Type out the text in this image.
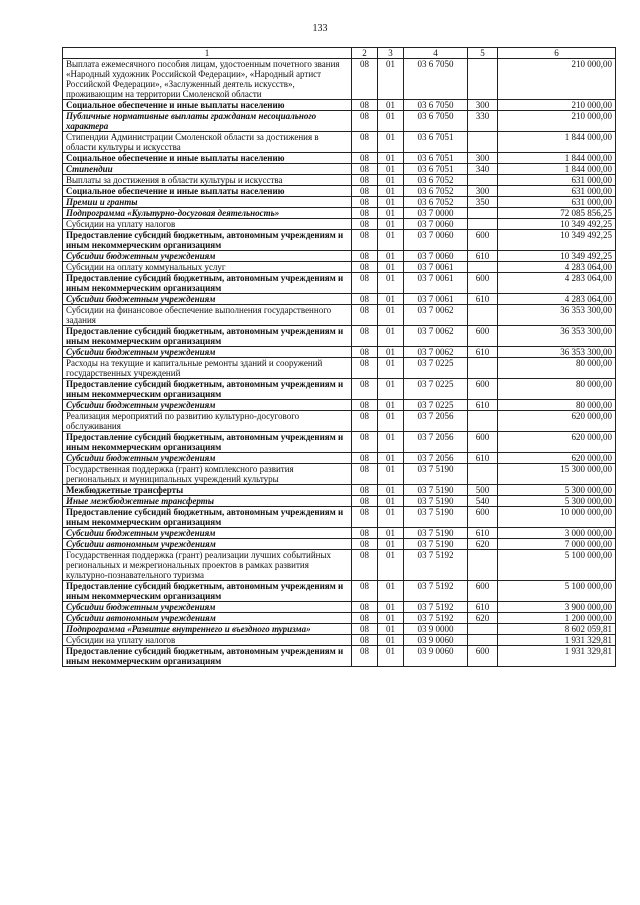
133
1	2	3	4	5	6
Выплата ежемесячного пособия лицам, удостоенным почетного звания «Народный художник Российской Федерации», «Народный артист Российской Федерации», «Заслуженный деятель искусств», проживающим на территории Смоленской области	08	01	03 6 7050		210 000,00
Социальное обеспечение и иные выплаты населению	08	01	03 6 7050	300	210 000,00
Публичные нормативные выплаты гражданам несоциального характера	08	01	03 6 7050	330	210 000,00
Стипендии Администрации Смоленской области за достижения в области культуры и искусства	08	01	03 6 7051		1 844 000,00
Социальное обеспечение и иные выплаты населению	08	01	03 6 7051	300	1 844 000,00
Стипендии	08	01	03 6 7051	340	1 844 000,00
Выплаты за достижения в области культуры и искусства	08	01	03 6 7052		631 000,00
Социальное обеспечение и иные выплаты населению	08	01	03 6 7052	300	631 000,00
Премии и гранты	08	01	03 6 7052	350	631 000,00
Подпрограмма «Культурно-досуговая деятельность»	08	01	03 7 0000		72 085 856,25
Субсидии на уплату налогов	08	01	03 7 0060		10 349 492,25
Предоставление субсидий бюджетным, автономным учреждениям и иным некоммерческим организациям	08	01	03 7 0060	600	10 349 492,25
Субсидии бюджетным учреждениям	08	01	03 7 0060	610	10 349 492,25
Субсидии на оплату коммунальных услуг	08	01	03 7 0061		4 283 064,00
Предоставление субсидий бюджетным, автономным учреждениям и иным некоммерческим организациям	08	01	03 7 0061	600	4 283 064,00
Субсидии бюджетным учреждениям	08	01	03 7 0061	610	4 283 064,00
Субсидии на финансовое обеспечение выполнения государственного задания	08	01	03 7 0062		36 353 300,00
Предоставление субсидий бюджетным, автономным учреждениям и иным некоммерческим организациям	08	01	03 7 0062	600	36 353 300,00
Субсидии бюджетным учреждениям	08	01	03 7 0062	610	36 353 300,00
Расходы на текущие и капитальные ремонты зданий и сооружений государственных учреждений	08	01	03 7 0225		80 000,00
Предоставление субсидий бюджетным, автономным учреждениям и иным некоммерческим организациям	08	01	03 7 0225	600	80 000,00
Субсидии бюджетным учреждениям	08	01	03 7 0225	610	80 000,00
Реализация мероприятий по развитию культурно-досугового обслуживания	08	01	03 7 2056		620 000,00
Предоставление субсидий бюджетным, автономным учреждениям и иным некоммерческим организациям	08	01	03 7 2056	600	620 000,00
Субсидии бюджетным учреждениям	08	01	03 7 2056	610	620 000,00
Государственная поддержка (грант) комплексного развития региональных и муниципальных учреждений культуры	08	01	03 7 5190		15 300 000,00
Межбюджетные трансферты	08	01	03 7 5190	500	5 300 000,00
Иные межбюджетные трансферты	08	01	03 7 5190	540	5 300 000,00
Предоставление субсидий бюджетным, автономным учреждениям и иным некоммерческим организациям	08	01	03 7 5190	600	10 000 000,00
Субсидии бюджетным учреждениям	08	01	03 7 5190	610	3 000 000,00
Субсидии автономным учреждениям	08	01	03 7 5190	620	7 000 000,00
Государственная поддержка (грант) реализации лучших событийных региональных и межрегиональных проектов в рамках развития культурно-познавательного туризма	08	01	03 7 5192		5 100 000,00
Предоставление субсидий бюджетным, автономным учреждениям и иным некоммерческим организациям	08	01	03 7 5192	600	5 100 000,00
Субсидии бюджетным учреждениям	08	01	03 7 5192	610	3 900 000,00
Субсидии автономным учреждениям	08	01	03 7 5192	620	1 200 000,00
Подпрограмма «Развитие внутреннего и въездного туризма»	08	01	03 9 0000		8 602 059,81
Субсидии на уплату налогов	08	01	03 9 0060		1 931 329,81
Предоставление субсидий бюджетным, автономным учреждениям и иным некоммерческим организациям	08	01	03 9 0060	600	1 931 329,81
